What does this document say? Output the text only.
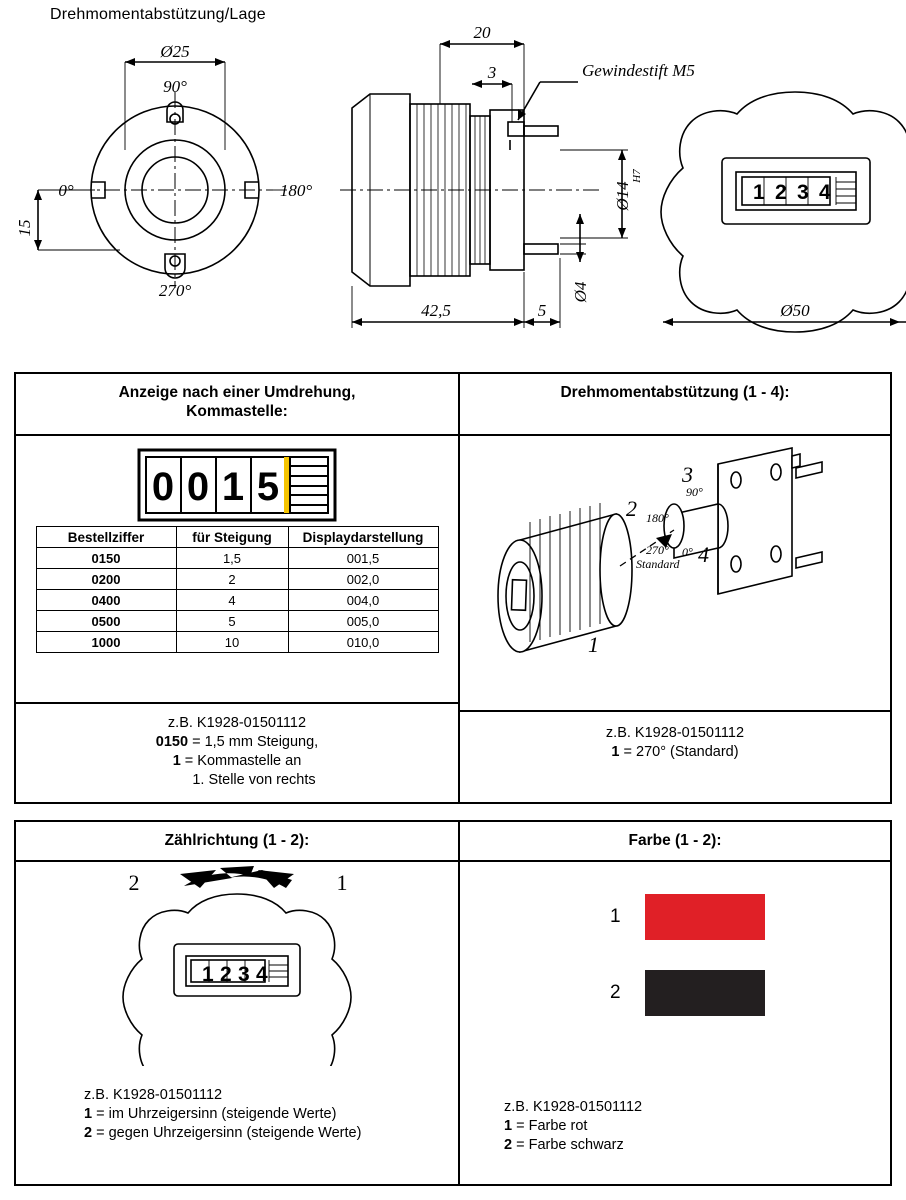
Drehmomentabstützung/Lage
Ø25
90°
0°	180°
270°
15
20
3	Gewindestift M5
Ø14
H7
Ø4
42,5	5	Ø50
1 2 3 4
Anzeige nach einer Umdrehung,
Kommastelle:
0 0 1 5
Bestellziffer	für Steigung	Displaydarstellung
0150	1,5	001,5
0200	2	002,0
0400	4	004,0
0500	5	005,0
1000	10	010,0
z.B. K1928-01501112
0150 = 1,5 mm Steigung,
1 = Kommastelle an
1. Stelle von rechts
Drehmomentabstützung (1 - 4):
1
2 180°
3
90°
4
0°
270°
Standard
z.B. K1928-01501112
1 = 270° (Standard)
Zählrichtung (1 - 2):
1 2 3 4
2	1
z.B. K1928-01501112
1 = im Uhrzeigersinn (steigende Werte)
2 = gegen Uhrzeigersinn (steigende Werte)
Farbe (1 - 2):
1
2
z.B. K1928-01501112
1 = Farbe rot
2 = Farbe schwarz
